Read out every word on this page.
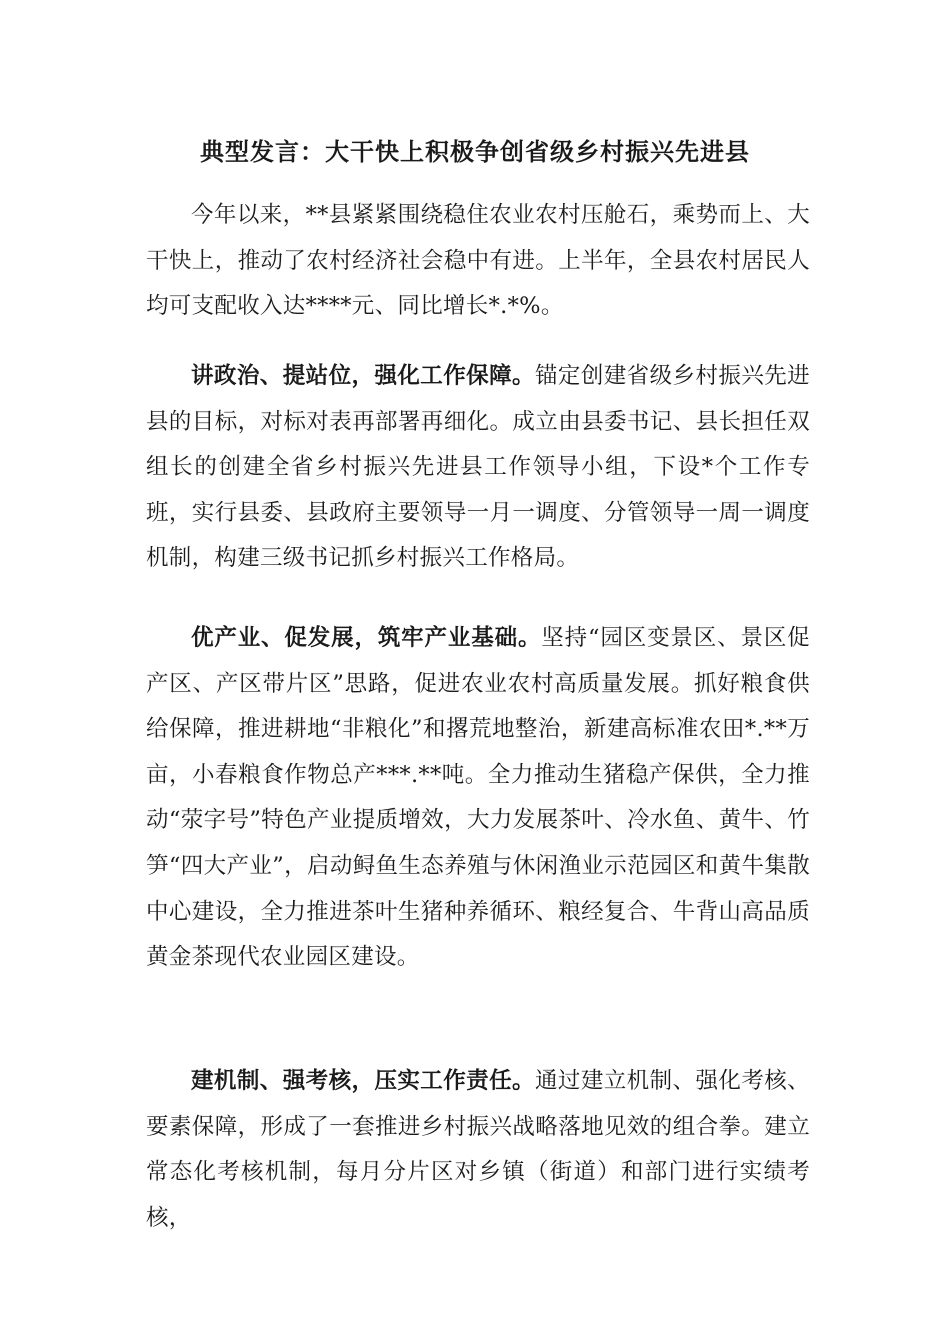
典型发言：大干快上积极争创省级乡村振兴先进县

今年以来，**县紧紧围绕稳住农业农村压舱石，乘势而上、大干快上，推动了农村经济社会稳中有进。上半年，全县农村居民人均可支配收入达****元、同比增长*.*%。

讲政治、提站位，强化工作保障。锚定创建省级乡村振兴先进县的目标，对标对表再部署再细化。成立由县委书记、县长担任双组长的创建全省乡村振兴先进县工作领导小组，下设*个工作专班，实行县委、县政府主要领导一月一调度、分管领导一周一调度机制，构建三级书记抓乡村振兴工作格局。

优产业、促发展，筑牢产业基础。坚持“园区变景区、景区促产区、产区带片区”思路，促进农业农村高质量发展。抓好粮食供给保障，推进耕地“非粮化”和撂荒地整治，新建高标准农田*.**万亩，小春粮食作物总产***.**吨。全力推动生猪稳产保供，全力推动“荥字号”特色产业提质增效，大力发展茶叶、冷水鱼、黄牛、竹笋“四大产业”，启动鲟鱼生态养殖与休闲渔业示范园区和黄牛集散中心建设，全力推进茶叶生猪种养循环、粮经复合、牛背山高品质黄金茶现代农业园区建设。

建机制、强考核，压实工作责任。通过建立机制、强化考核、要素保障，形成了一套推进乡村振兴战略落地见效的组合拳。建立常态化考核机制，每月分片区对乡镇（街道）和部门进行实绩考核，
